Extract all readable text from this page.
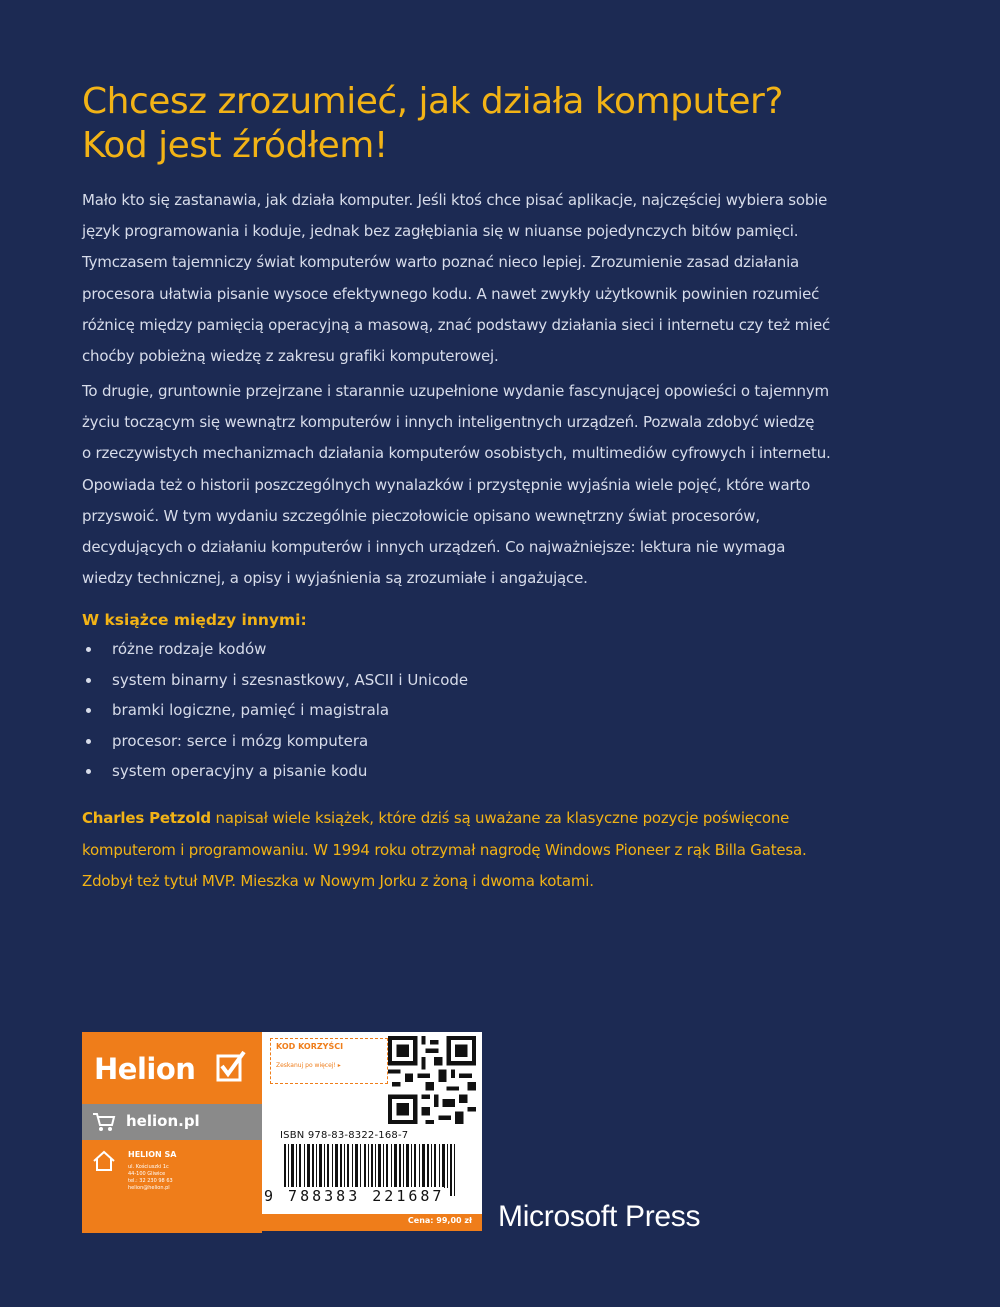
Chcesz zrozumieć, jak działa komputer?
Kod jest źródłem!

Mało kto się zastanawia, jak działa komputer. Jeśli ktoś chce pisać aplikacje, najczęściej wybiera sobie

język programowania i koduje, jednak bez zagłębiania się w niuanse pojedynczych bitów pamięci.

Tymczasem tajemniczy świat komputerów warto poznać nieco lepiej. Zrozumienie zasad działania

procesora ułatwia pisanie wysoce efektywnego kodu. A nawet zwykły użytkownik powinien rozumieć

różnicę między pamięcią operacyjną a masową, znać podstawy działania sieci i internetu czy też mieć

choćby pobieżną wiedzę z zakresu grafiki komputerowej.

To drugie, gruntownie przejrzane i starannie uzupełnione wydanie fascynującej opowieści o tajemnym

życiu toczącym się wewnątrz komputerów i innych inteligentnych urządzeń. Pozwala zdobyć wiedzę

o rzeczywistych mechanizmach działania komputerów osobistych, multimediów cyfrowych i internetu.

Opowiada też o historii poszczególnych wynalazków i przystępnie wyjaśnia wiele pojęć, które warto

przyswoić. W tym wydaniu szczególnie pieczołowicie opisano wewnętrzny świat procesorów,

decydujących o działaniu komputerów i innych urządzeń. Co najważniejsze: lektura nie wymaga

wiedzy technicznej, a opisy i wyjaśnienia są zrozumiałe i angażujące.

W książce między innymi:
różne rodzaje kodów
system binarny i szesnastkowy, ASCII i Unicode
bramki logiczne, pamięć i magistrala
procesor: serce i mózg komputera
system operacyjny a pisanie kodu
Charles Petzold napisał wiele książek, które dziś są uważane za klasyczne pozycje poświęcone
komputerom i programowaniu. W 1994 roku otrzymał nagrodę Windows Pioneer z rąk Billa Gatesa.
Zdobył też tytuł MVP. Mieszka w Nowym Jorku z żoną i dwoma kotami.
Helion
helion.pl
HELION SA
ul. Kościuszki 1c
44-100 Gliwice
tel.: 32 230 98 63
helion@helion.pl
KOD KORZYŚCI
Zeskanuj po więcej! ▸
ISBN 978-83-8322-168-7
9 788383 221687
Cena: 99,00 zł Microsoft Press
